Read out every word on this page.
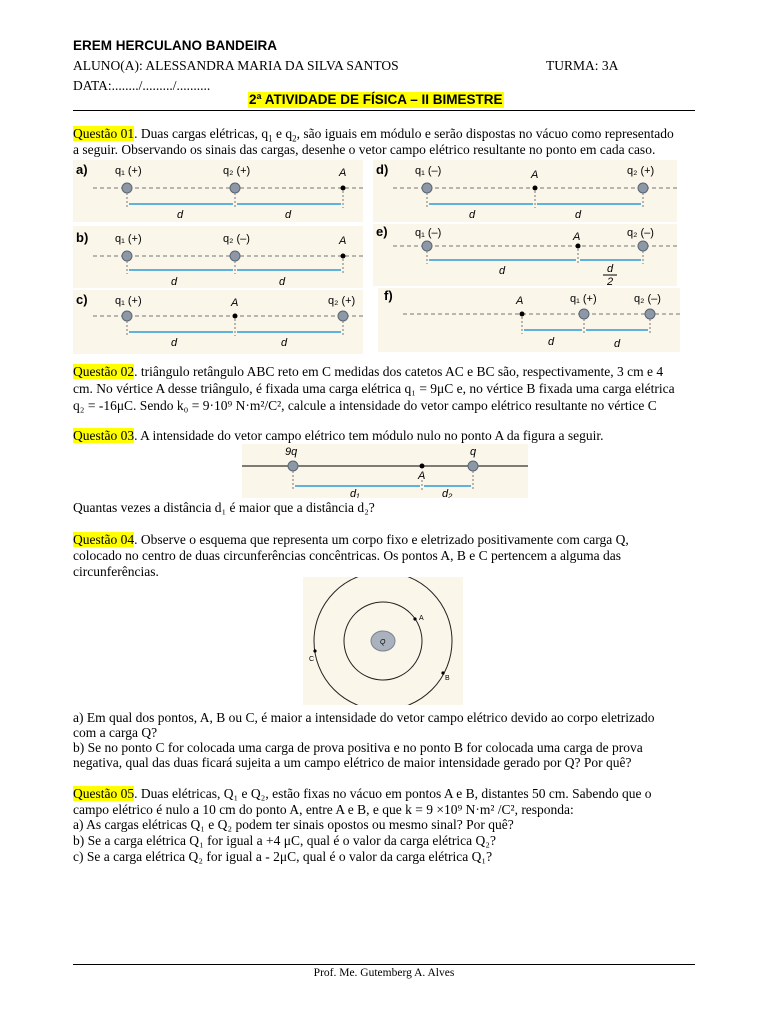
EREM HERCULANO BANDEIRA
ALUNO(A): ALESSANDRA MARIA DA SILVA SANTOS	TURMA: 3A
DATA:......../........./..........
2ª ATIVIDADE DE FÍSICA – II BIMESTRE
Questão 01. Duas cargas elétricas, $q_1$ e $q_2$, são iguais em módulo e serão dispostas no vácuo como representado
a seguir. Observando os sinais das cargas, desenhe o vetor campo elétrico resultante no ponto em cada caso.
a) q₁ (+)	q₂ (+)	A
d	d
b) q₁ (+)	q₂ (–)	A
d	d
c) q₁ (+)	A	q₂ (+)
d	d
d) q₁ (–)	A	q₂ (+)
d	d
e) q₁ (–)	A	q₂ (–)
d	d
2
f)	A	q₁ (+)	q₂ (–)
d	d
Questão 02. triângulo retângulo ABC reto em C medidas dos catetos AC e BC são, respectivamente, 3 cm e 4
cm. No vértice A desse triângulo, é fixada uma carga elétrica q₁ = 9μC e, no vértice B fixada uma carga elétrica
q₂ = -16μC. Sendo k₀ = 9·10⁹ N·m²/C², calcule a intensidade do vetor campo elétrico resultante no vértice C
Questão 03. A intensidade do vetor campo elétrico tem módulo nulo no ponto A da figura a seguir.
9q	q
A
d₁	d₂
Quantas vezes a distância d₁ é maior que a distância d₂?
Questão 04. Observe o esquema que representa um corpo fixo e eletrizado positivamente com carga Q,
colocado no centro de duas circunferências concêntricas. Os pontos A, B e C pertencem a alguma das
circunferências.
Q
A
B
C
a) Em qual dos pontos, A, B ou C, é maior a intensidade do vetor campo elétrico devido ao corpo eletrizado
com a carga Q?
b) Se no ponto C for colocada uma carga de prova positiva e no ponto B for colocada uma carga de prova
negativa, qual das duas ficará sujeita a um campo elétrico de maior intensidade gerado por Q? Por quê?
Questão 05. Duas elétricas, Q₁ e Q₂, estão fixas no vácuo em pontos A e B, distantes 50 cm. Sabendo que o
campo elétrico é nulo a 10 cm do ponto A, entre A e B, e que k = 9 ×10⁹ N·m² /C², responda:
a) As cargas elétricas Q₁ e Q₂ podem ter sinais opostos ou mesmo sinal? Por quê?
b) Se a carga elétrica Q₁ for igual a +4 μC, qual é o valor da carga elétrica Q₂?
c) Se a carga elétrica Q₂ for igual a - 2μC, qual é o valor da carga elétrica Q₁?
Prof. Me. Gutemberg A. Alves
